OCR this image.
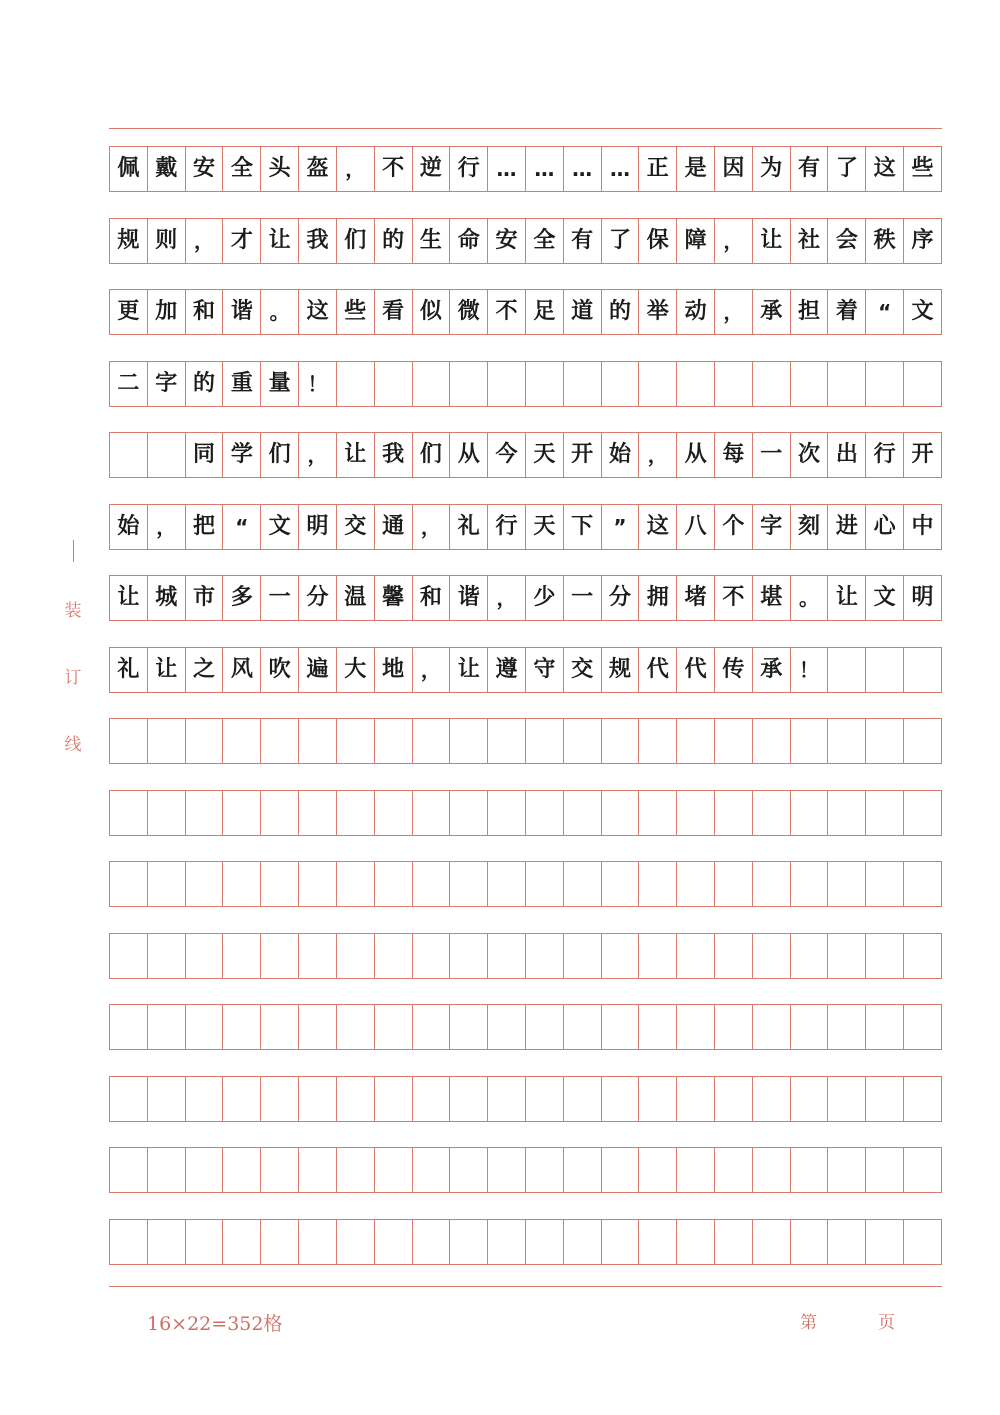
佩 戴 安 全 头 盔 ， 不 逆 行 … … … … 正 是 因 为 有 了 这 些
规 则 ， 才 让 我 们 的 生 命 安 全 有 了 保 障 ， 让 社 会 秩 序
更 加 和 谐 。 这 些 看 似 微 不 足 道 的 举 动 ， 承 担 着	“ 文
二 字 的 重 量 ！
同 学 们 ， 让 我 们 从 今 天 开 始 ， 从 每 一 次 出 行 开
始 ， 把	“ 文 明 交 通 ， 礼 行 天 下	” 这 八 个 字 刻 进 心 中
让 城 市 多 一 分 温 馨 和 谐 ， 少 一 分 拥 堵 不 堪 。 让 文 明
礼 让 之 风 吹 遍 大 地 ， 让 遵 守 交 规 代 代 传 承 ！
装
订
线
16×22=352格	第	页
